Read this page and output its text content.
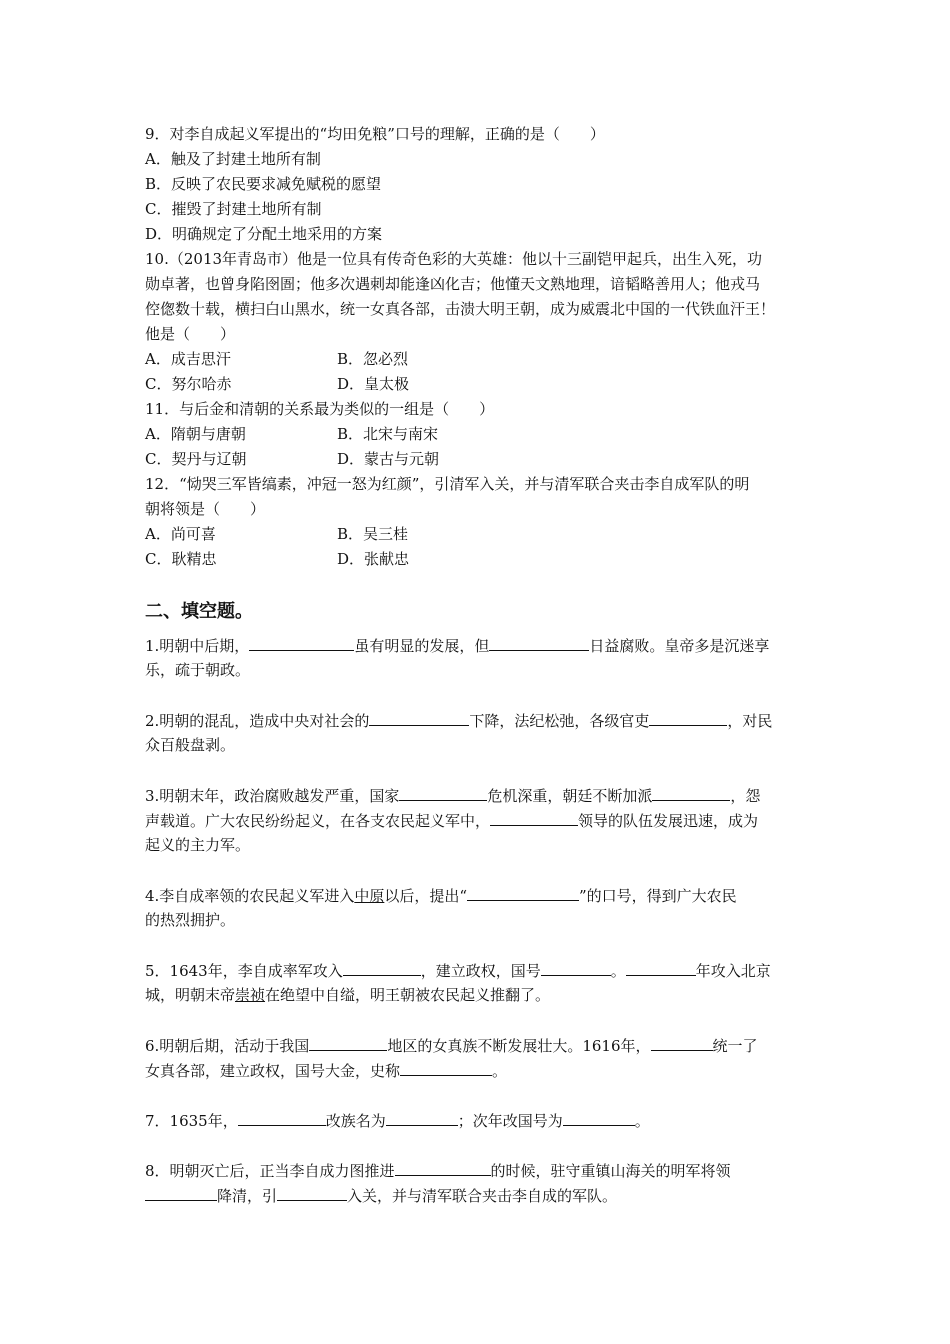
9．对李自成起义军提出的“均田免粮”口号的理解，正确的是（　　）
A．触及了封建土地所有制
B．反映了农民要求减免赋税的愿望
C．摧毁了封建土地所有制
D．明确规定了分配土地采用的方案
10.（2013年青岛市）他是一位具有传奇色彩的大英雄：他以十三副铠甲起兵，出生入死，功
勋卓著，也曾身陷囹圄；他多次遇刺却能逢凶化吉；他懂天文熟地理，谙韬略善用人；他戎马
倥偬数十载，横扫白山黑水，统一女真各部，击溃大明王朝，成为威震北中国的一代铁血汗王！
他是（　　）
A．成吉思汗	B．忽必烈
C．努尔哈赤	D．皇太极
11．与后金和清朝的关系最为类似的一组是（　　）
A．隋朝与唐朝	B．北宋与南宋
C．契丹与辽朝	D．蒙古与元朝
12．“恸哭三军皆缟素，冲冠一怒为红颜”，引清军入关，并与清军联合夹击李自成军队的明
朝将领是（　　）
A．尚可喜	B．吴三桂
C．耿精忠	D．张献忠
二、填空题。
1.明朝中后期，	虽有明显的发展，但	日益腐败。皇帝多是沉迷享
乐，疏于朝政。
2.明朝的混乱，造成中央对社会的	下降，法纪松弛，各级官吏	，对民
众百般盘剥。
3.明朝末年，政治腐败越发严重，国家	危机深重，朝廷不断加派	，怨
声载道。广大农民纷纷起义，在各支农民起义军中，	领导的队伍发展迅速，成为
起义的主力军。
4.李自成率领的农民起义军进入中原以后，提出“	”的口号，得到广大农民
的热烈拥护。
5．1643年，李自成率军攻入	，建立政权，国号	。	年攻入北京
城，明朝末帝崇祯在绝望中自缢，明王朝被农民起义推翻了。
6.明朝后期，活动于我国	地区的女真族不断发展壮大。1616年，	统一了
女真各部，建立政权，国号大金，史称	。
7．1635年，	改族名为	；次年改国号为	。
8．明朝灭亡后，正当李自成力图推进	的时候，驻守重镇山海关的明军将领
降清，引	入关，并与清军联合夹击李自成的军队。
